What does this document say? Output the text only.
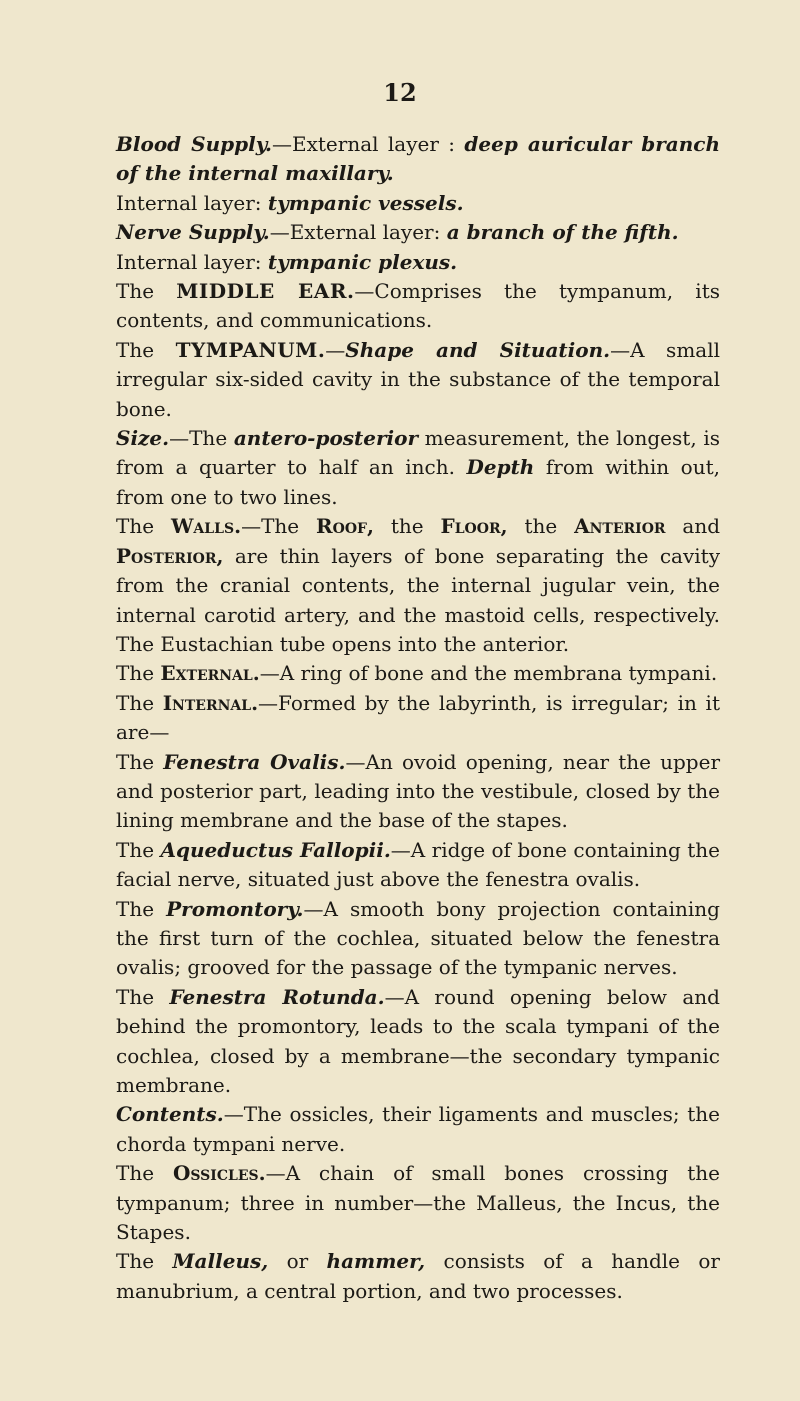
12

Blood Supply.—External layer : deep auricular branch of the internal maxillary.

Internal layer: tympanic vessels.

Nerve Supply.—External layer: a branch of the fifth.

Internal layer: tympanic plexus.

The MIDDLE EAR.—Comprises the tympanum, its contents, and communications.

The TYMPANUM.—Shape and Situation.—A small irregular six-sided cavity in the substance of the temporal bone.

Size.—The antero-posterior measurement, the longest, is from a quarter to half an inch. Depth from within out, from one to two lines.

The Walls.—The Roof, the Floor, the Anterior and Posterior, are thin layers of bone separating the cavity from the cranial contents, the internal jugular vein, the internal carotid artery, and the mastoid cells, respectively. The Eustachian tube opens into the anterior.

The External.—A ring of bone and the membrana tympani.

The Internal.—Formed by the labyrinth, is irregular; in it are—

The Fenestra Ovalis.—An ovoid opening, near the upper and posterior part, leading into the vestibule, closed by the lining membrane and the base of the stapes.

The Aqueductus Fallopii.—A ridge of bone containing the facial nerve, situated just above the fenestra ovalis.

The Promontory.—A smooth bony projection containing the first turn of the cochlea, situated below the fenestra ovalis; grooved for the passage of the tympanic nerves.

The Fenestra Rotunda.—A round opening below and behind the promontory, leads to the scala tympani of the cochlea, closed by a membrane—the secondary tympanic membrane.

Contents.—The ossicles, their ligaments and muscles; the chorda tympani nerve.

The Ossicles.—A chain of small bones crossing the tympanum; three in number—the Malleus, the Incus, the Stapes.

The Malleus, or hammer, consists of a handle or manubrium, a central portion, and two processes.
